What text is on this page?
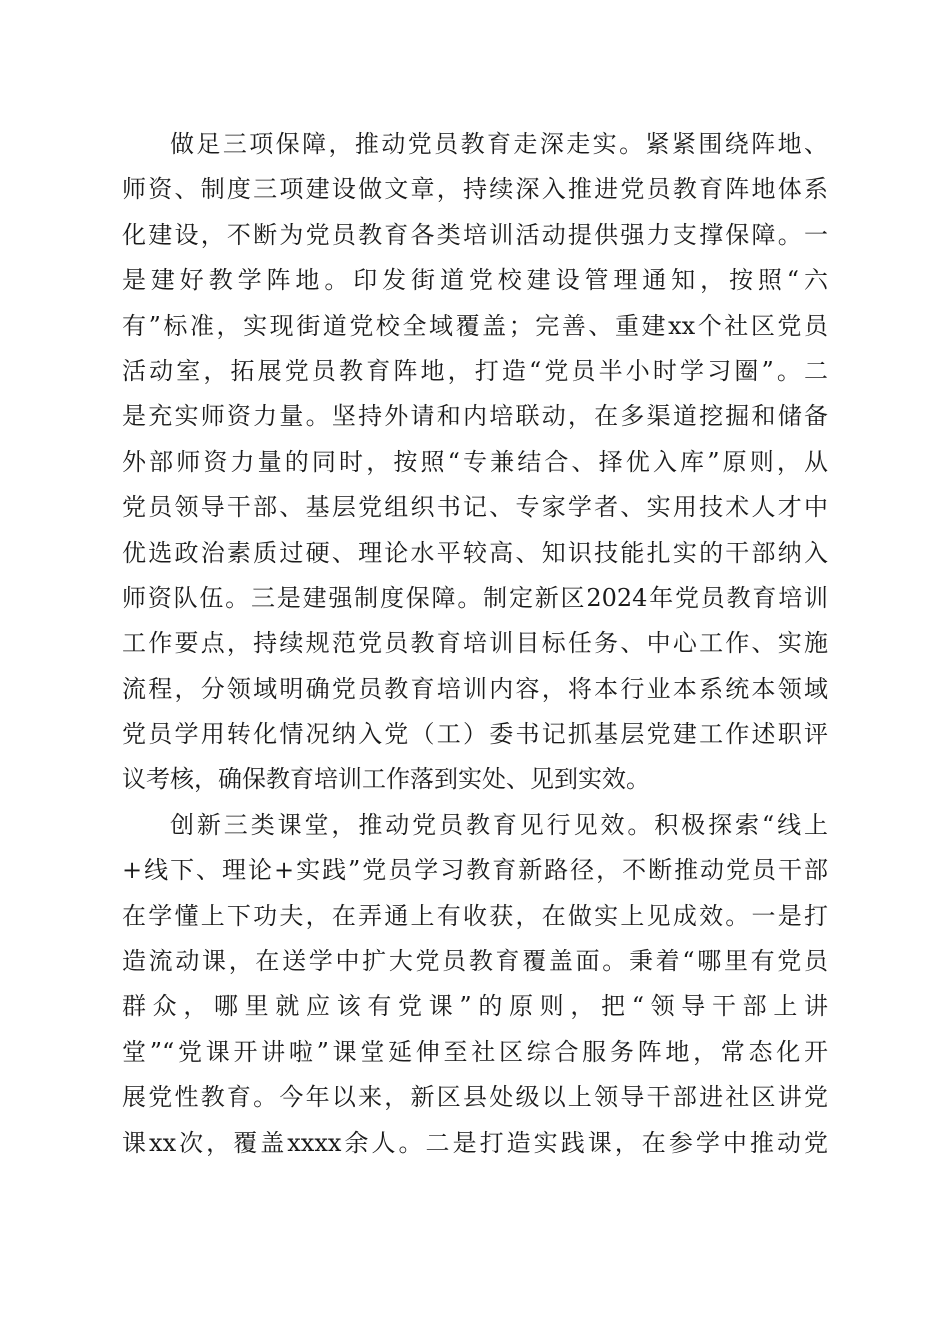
做足三项保障，推动党员教育走深走实。紧紧围绕阵地、
师资、制度三项建设做文章，持续深入推进党员教育阵地体系
化建设，不断为党员教育各类培训活动提供强力支撑保障。一
是建好教学阵地。印发街道党校建设管理通知，按照“六
有”标准，实现街道党校全域覆盖；完善、重建xx个社区党员
活动室，拓展党员教育阵地，打造“党员半小时学习圈”。二
是充实师资力量。坚持外请和内培联动，在多渠道挖掘和储备
外部师资力量的同时，按照“专兼结合、择优入库”原则，从
党员领导干部、基层党组织书记、专家学者、实用技术人才中
优选政治素质过硬、理论水平较高、知识技能扎实的干部纳入
师资队伍。三是建强制度保障。制定新区2024年党员教育培训
工作要点，持续规范党员教育培训目标任务、中心工作、实施
流程，分领域明确党员教育培训内容，将本行业本系统本领域
党员学用转化情况纳入党（工）委书记抓基层党建工作述职评
议考核，确保教育培训工作落到实处、见到实效。
创新三类课堂，推动党员教育见行见效。积极探索“线上
+线下、理论+实践”党员学习教育新路径，不断推动党员干部
在学懂上下功夫，在弄通上有收获，在做实上见成效。一是打
造流动课，在送学中扩大党员教育覆盖面。秉着“哪里有党员
群众，哪里就应该有党课”的原则，把“领导干部上讲
堂”“党课开讲啦”课堂延伸至社区综合服务阵地，常态化开
展党性教育。今年以来，新区县处级以上领导干部进社区讲党
课xx次，覆盖xxxx余人。二是打造实践课，在参学中推动党
